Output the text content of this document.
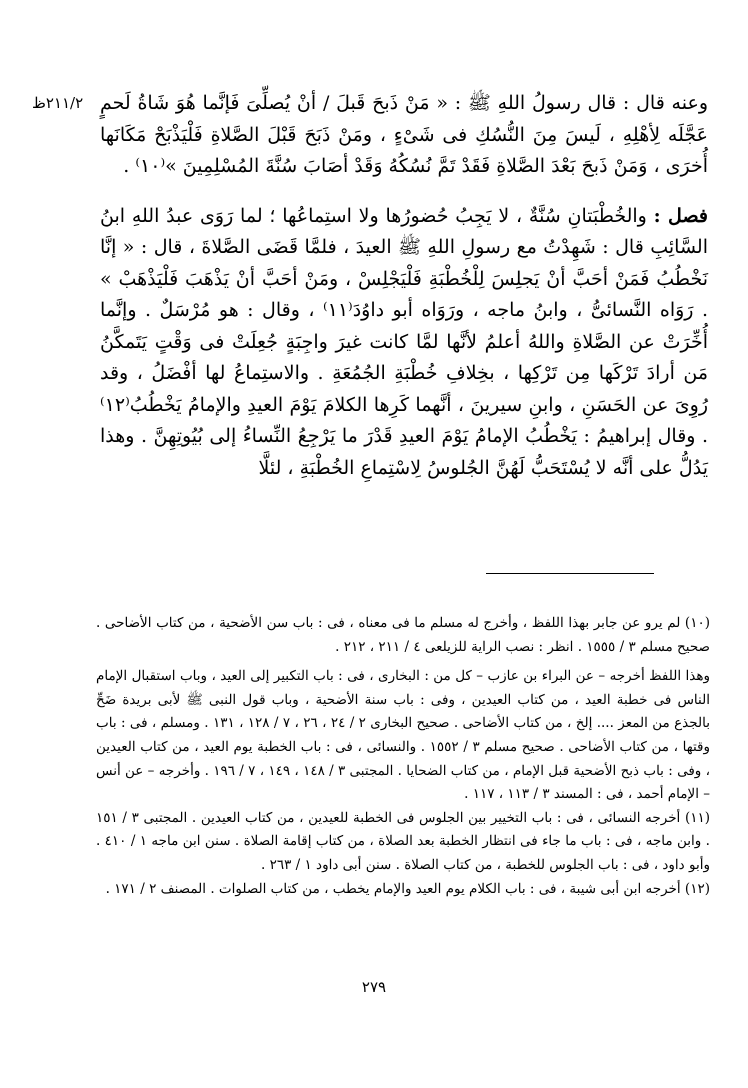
٢١١/٢ظ وعنه قال : قال رسولُ اللهِ ﷺ : « مَنْ ذَبحَ قَبلَ / أنْ يُصلِّىَ فَإنَّما هُوَ شَاةُ لَحمٍ عَجَّلَه لِأهْلِهِ ، لَيسَ مِنَ النُّسُكِ فى شَىْءٍ ، ومَنْ ذَبَحَ قَبْلَ الصَّلاةِ فَلْيَذْبَحْ مَكَانَها أُخرَى ، وَمَنْ ذَبحَ بَعْدَ الصَّلاةِ فَقَدْ تَمَّ نُسُكُهُ وَقَدْ أصَابَ سُنَّةَ المُسْلِمِينَ »⁽١٠⁾ .

فصل : والخُطْبَتانِ سُنَّةٌ ، لا يَجِبُ حُضورُها ولا استِماعُها ؛ لما رَوَى عبدُ اللهِ ابنُ السَّائِبِ قال : شَهِدْتُ مع رسولِ اللهِ ﷺ العيدَ ، فلمَّا قَضَى الصَّلاةَ ، قال : « إنَّا نَخْطُبُ فَمَنْ أحَبَّ أنْ يَجلِسَ لِلْخُطْبَةِ فَلْيَجْلِسْ ، ومَنْ أحَبَّ أنْ يَذْهَبَ فَلْيَذْهَبْ » . رَوَاه النَّسائىُّ ، وابنُ ماجه ، ورَوَاه أبو داوُدَ⁽١١⁾ ، وقال : هو مُرْسَلٌ . وإنَّما أُخِّرَتْ عن الصَّلاةِ واللهُ أعلمُ لأنَّها لمَّا كانت غيرَ واجِبَةٍ جُعِلَتْ فى وَقْتٍ يَتَمكَّنُ مَن أرادَ تَرْكَها مِن تَرْكِها ، بخِلافِ خُطْبَةِ الجُمُعَةِ . والاستِماعُ لها أفْضَلُ ، وقد رُوِىَ عن الحَسَنِ ، وابنِ سيرينَ ، أنَّهما كَرِها الكلامَ يَوْمَ العيدِ والإمامُ يَخْطُبُ⁽١٢⁾ . وقال إبراهيمُ : يَخْطُبُ الإمامُ يَوْمَ العيدِ قَدْرَ ما يَرْجِعُ النِّساءُ إلى بُيُوتِهِنَّ . وهذا يَدُلُّ على أنَّه لا يُسْتَحَبُّ لَهُنَّ الجُلوسُ لِاسْتِماعِ الخُطْبَةِ ، لئلَّا

(١٠) لم يرو عن جابر بهذا اللفظ ، وأخرج له مسلم ما فى معناه ، فى : باب سن الأضحية ، من كتاب الأضاحى . صحيح مسلم ٣ / ١٥٥٥ . انظر : نصب الراية للزيلعى ٤ / ٢١١ ، ٢١٢ .

وهذا اللفظ أخرجه – عن البراء بن عازب – كل من : البخارى ، فى : باب التكبير إلى العيد ، وباب استقبال الإمام الناس فى خطبة العيد ، من كتاب العيدين ، وفى : باب سنة الأضحية ، وباب قول النبى ﷺ لأبى بريدة ضَحِّ بالجذع من المعز .... إلخ ، من كتاب الأضاحى . صحيح البخارى ٢ / ٢٤ ، ٢٦ ، ٧ / ١٢٨ ، ١٣١ . ومسلم ، فى : باب وقتها ، من كتاب الأضاحى . صحيح مسلم ٣ / ١٥٥٢ . والنسائى ، فى : باب الخطبة يوم العيد ، من كتاب العيدين ، وفى : باب ذبح الأضحية قبل الإمام ، من كتاب الضحايا . المجتبى ٣ / ١٤٨ ، ١٤٩ ، ٧ / ١٩٦ . وأخرجه – عن أنس – الإمام أحمد ، فى : المسند ٣ / ١١٣ ، ١١٧ .

(١١) أخرجه النسائى ، فى : باب التخيير بين الجلوس فى الخطبة للعيدين ، من كتاب العيدين . المجتبى ٣ / ١٥١ . وابن ماجه ، فى : باب ما جاء فى انتظار الخطبة بعد الصلاة ، من كتاب إقامة الصلاة . سنن ابن ماجه ١ / ٤١٠ . وأبو داود ، فى : باب الجلوس للخطبة ، من كتاب الصلاة . سنن أبى داود ١ / ٢٦٣ .

(١٢) أخرجه ابن أبى شيبة ، فى : باب الكلام يوم العيد والإمام يخطب ، من كتاب الصلوات . المصنف ٢ / ١٧١ .

٢٧٩
